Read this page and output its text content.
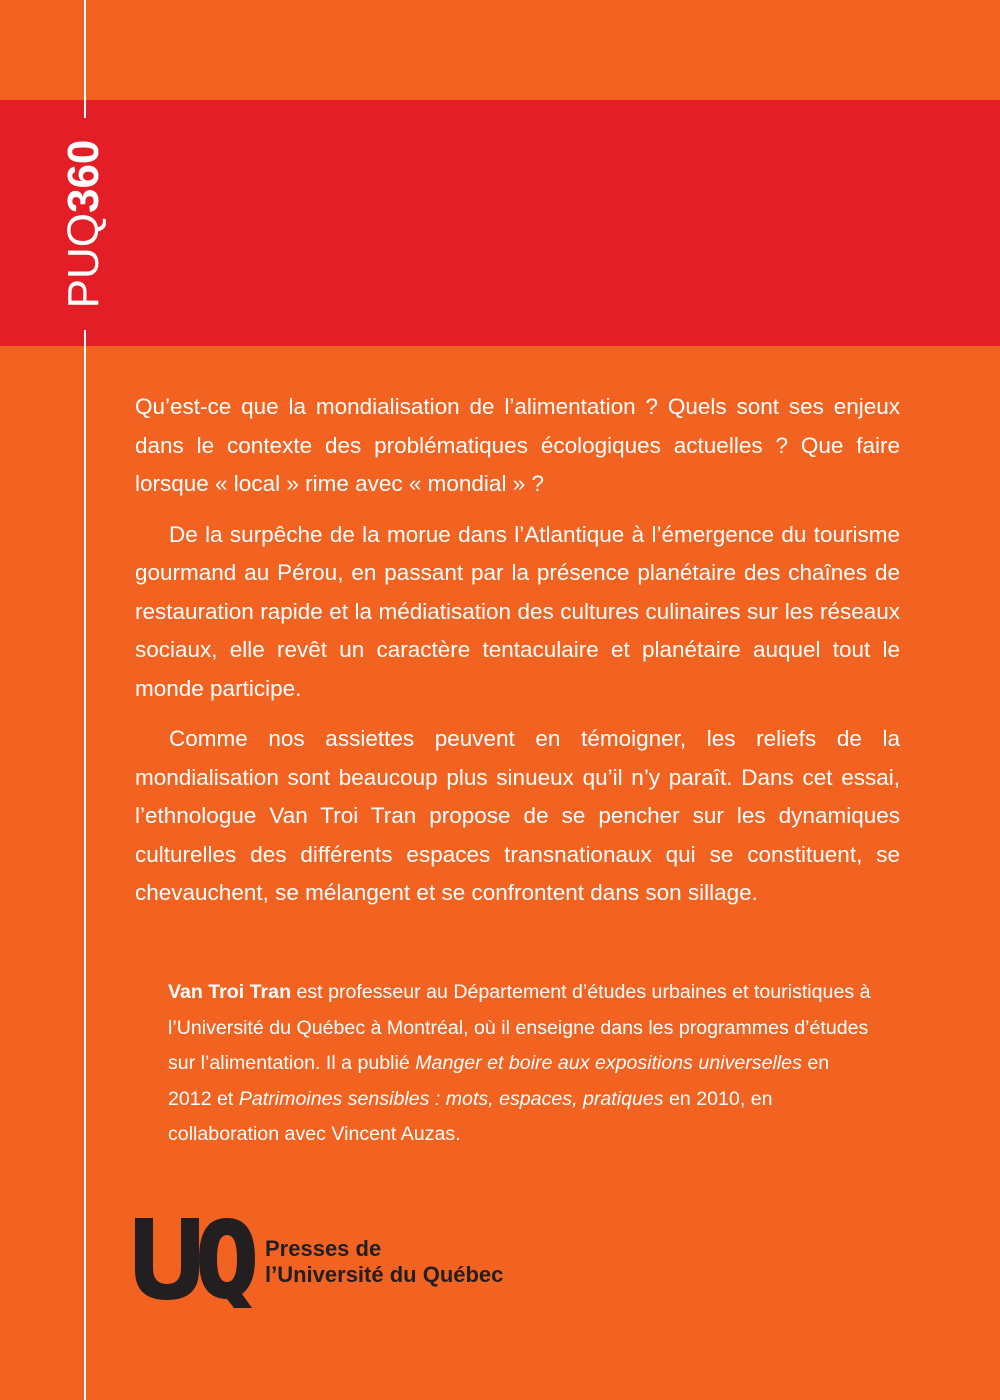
PUQ360

Qu’est-ce que la mondialisation de l’alimentation ? Quels sont ses enjeux dans le contexte des problématiques écologiques actuelles ? Que faire lorsque « local » rime avec « mondial » ?

De la surpêche de la morue dans l’Atlantique à l’émergence du tourisme gourmand au Pérou, en passant par la présence planétaire des chaînes de restauration rapide et la médiatisation des cultures culinaires sur les réseaux sociaux, elle revêt un caractère tentaculaire et planétaire auquel tout le monde participe.

Comme nos assiettes peuvent en témoigner, les reliefs de la mondialisation sont beaucoup plus sinueux qu’il n’y paraît. Dans cet essai, l’ethnologue Van Troi Tran propose de se pencher sur les dynamiques culturelles des différents espaces transnationaux qui se constituent, se chevauchent, se mélangent et se confrontent dans son sillage.

Van Troi Tran est professeur au Département d’études urbaines et touristiques à l’Université du Québec à Montréal, où il enseigne dans les programmes d’études sur l’alimentation. Il a publié Manger et boire aux expositions universelles en 2012 et Patrimoines sensibles : mots, espaces, pratiques en 2010, en collaboration avec Vincent Auzas.
Presses de
l’Université du Québec
